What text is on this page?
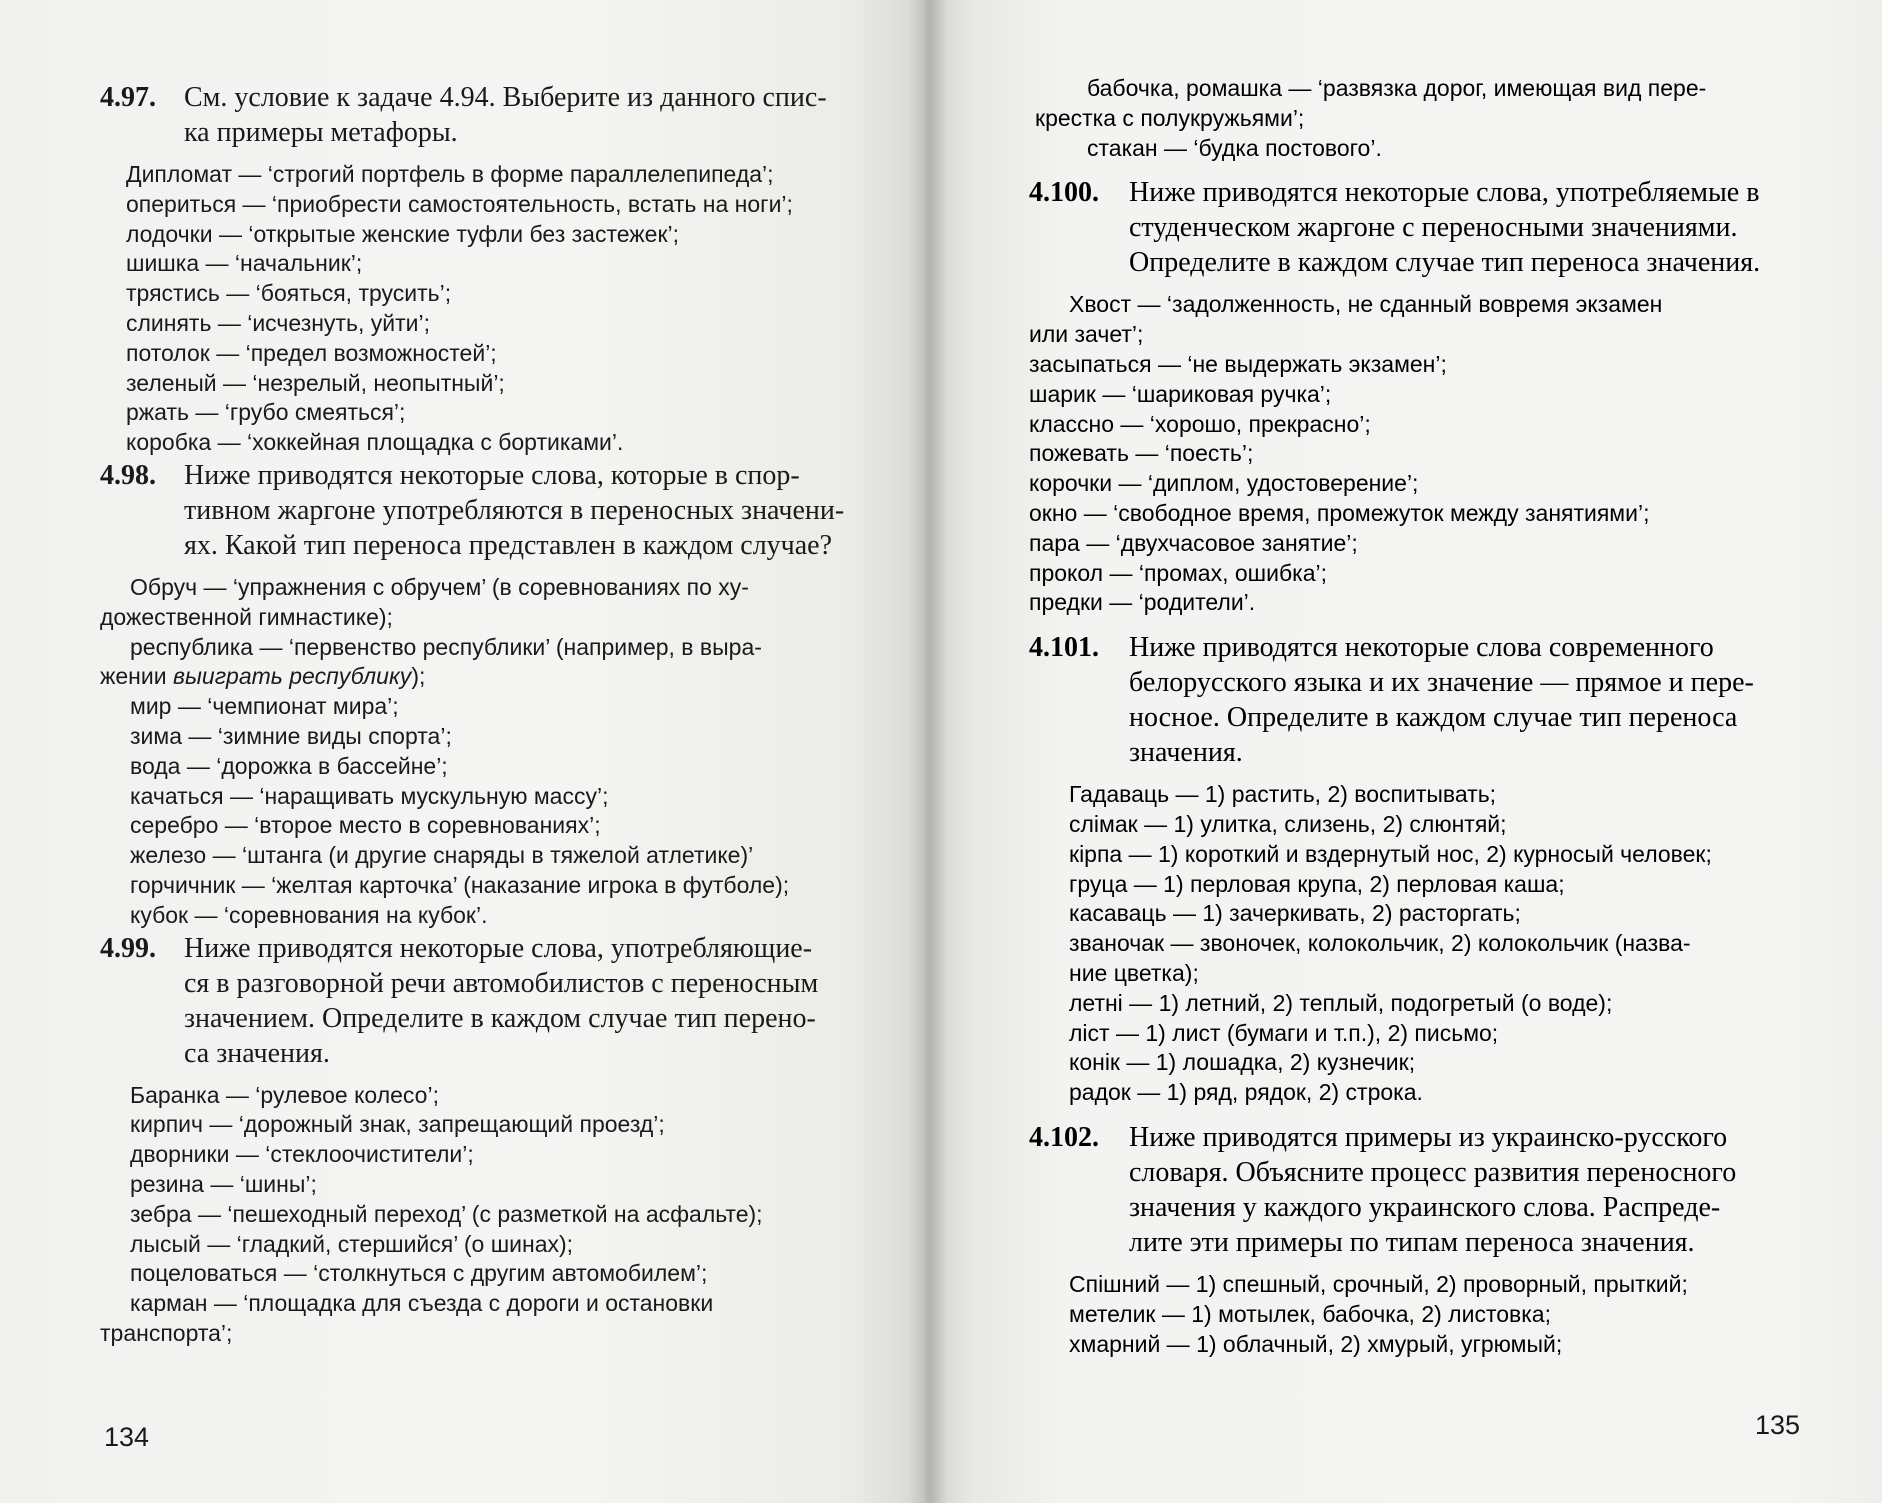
4.97.	См. условие к задаче 4.94. Выберите из данного спис-
ка примеры метафоры.
Дипломат — ‘строгий портфель в форме параллелепипеда’;
опериться — ‘приобрести самостоятельность, встать на ноги’;
лодочки — ‘открытые женские туфли без застежек’;
шишка — ‘начальник’;
трястись — ‘бояться, трусить’;
слинять — ‘исчезнуть, уйти’;
потолок — ‘предел возможностей’;
зеленый — ‘незрелый, неопытный’;
ржать — ‘грубо смеяться’;
коробка — ‘хоккейная площадка с бортиками’.
4.98.	Ниже приводятся некоторые слова, которые в спор-
тивном жаргоне употребляются в переносных значени-
ях. Какой тип переноса представлен в каждом случае?
Обруч — ‘упражнения с обручем’ (в соревнованиях по ху-
дожественной гимнастике);
республика — ‘первенство республики’ (например, в выра-
жении выиграть республику);
мир — ‘чемпионат мира’;
зима — ‘зимние виды спорта’;
вода — ‘дорожка в бассейне’;
качаться — ‘наращивать мускульную массу’;
серебро — ‘второе место в соревнованиях’;
железо — ‘штанга (и другие снаряды в тяжелой атлетике)’
горчичник — ‘желтая карточка’ (наказание игрока в футболе);
кубок — ‘соревнования на кубок’.
4.99.	Ниже приводятся некоторые слова, употребляющие-
ся в разговорной речи автомобилистов с переносным
значением. Определите в каждом случае тип перено-
са значения.
Баранка — ‘рулевое колесо’;
кирпич — ‘дорожный знак, запрещающий проезд’;
дворники — ‘стеклоочистители’;
резина — ‘шины’;
зебра — ‘пешеходный переход’ (с разметкой на асфальте);
лысый — ‘гладкий, стершийся’ (о шинах);
поцеловаться — ‘столкнуться с другим автомобилем’;
карман — ‘площадка для съезда с дороги и остановки
транспорта’;
134	135
бабочка, ромашка — ‘развязка дорог, имеющая вид пере-
крестка с полукружьями’;
стакан — ‘будка постового’.
4.100.	Ниже приводятся некоторые слова, употребляемые в
студенческом жаргоне с переносными значениями.
Определите в каждом случае тип переноса значения.
Хвост — ‘задолженность, не сданный вовремя экзамен
или зачет’;
засыпаться — ‘не выдержать экзамен’;
шарик — ‘шариковая ручка’;
классно — ‘хорошо, прекрасно’;
пожевать — ‘поесть’;
корочки — ‘диплом, удостоверение’;
окно — ‘свободное время, промежуток между занятиями’;
пара — ‘двухчасовое занятие’;
прокол — ‘промах, ошибка’;
предки — ‘родители’.
4.101.	Ниже приводятся некоторые слова современного
белорусского языка и их значение — прямое и пере-
носное. Определите в каждом случае тип переноса
значения.
Гадаваць — 1) растить, 2) воспитывать;
слімак — 1) улитка, слизень, 2) слюнтяй;
кірпа — 1) короткий и вздернутый нос, 2) курносый человек;
груца — 1) перловая крупа, 2) перловая каша;
касаваць — 1) зачеркивать, 2) расторгать;
званочак — звоночек, колокольчик, 2) колокольчик (назва-
ние цветка);
летні — 1) летний, 2) теплый, подогретый (о воде);
ліст — 1) лист (бумаги и т.п.), 2) письмо;
конік — 1) лошадка, 2) кузнечик;
радок — 1) ряд, рядок, 2) строка.
4.102.	Ниже приводятся примеры из украинско-русского
словаря. Объясните процесс развития переносного
значения у каждого украинского слова. Распреде-
лите эти примеры по типам переноса значения.
Спішний — 1) спешный, срочный, 2) проворный, прыткий;
метелик — 1) мотылек, бабочка, 2) листовка;
хмарний — 1) облачный, 2) хмурый, угрюмый;
